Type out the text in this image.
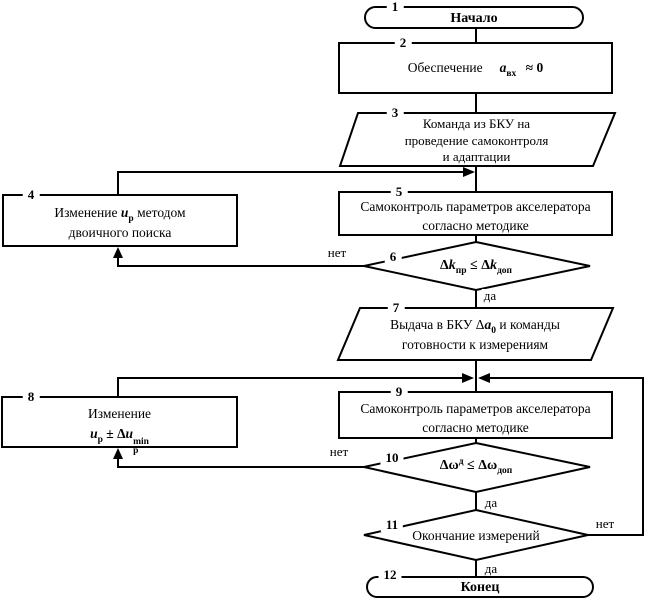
1
2
3
4	5
6
7
8	9
10
11
12
Начало
Обеспечение $a_{вх} \approx 0$
Команда из БКУ на
проведение самоконтроля
и адаптации
Изменение $u_р$ методом
двоичного поиска
Самоконтроль параметров акселератора
согласно методике
$\Delta k_{пр} \le \Delta k_{доп}$
Выдача в БКУ $\Delta a_0$ и команды
готовности к измерениям
Изменение
$u_р \pm \Delta u$
min
р
Самоконтроль параметров акселератора
согласно методике
$\Delta\omega^д \le \Delta\omega_{доп}$
Окончание измерений
Конец
нет
да
нет
да
нет
да
